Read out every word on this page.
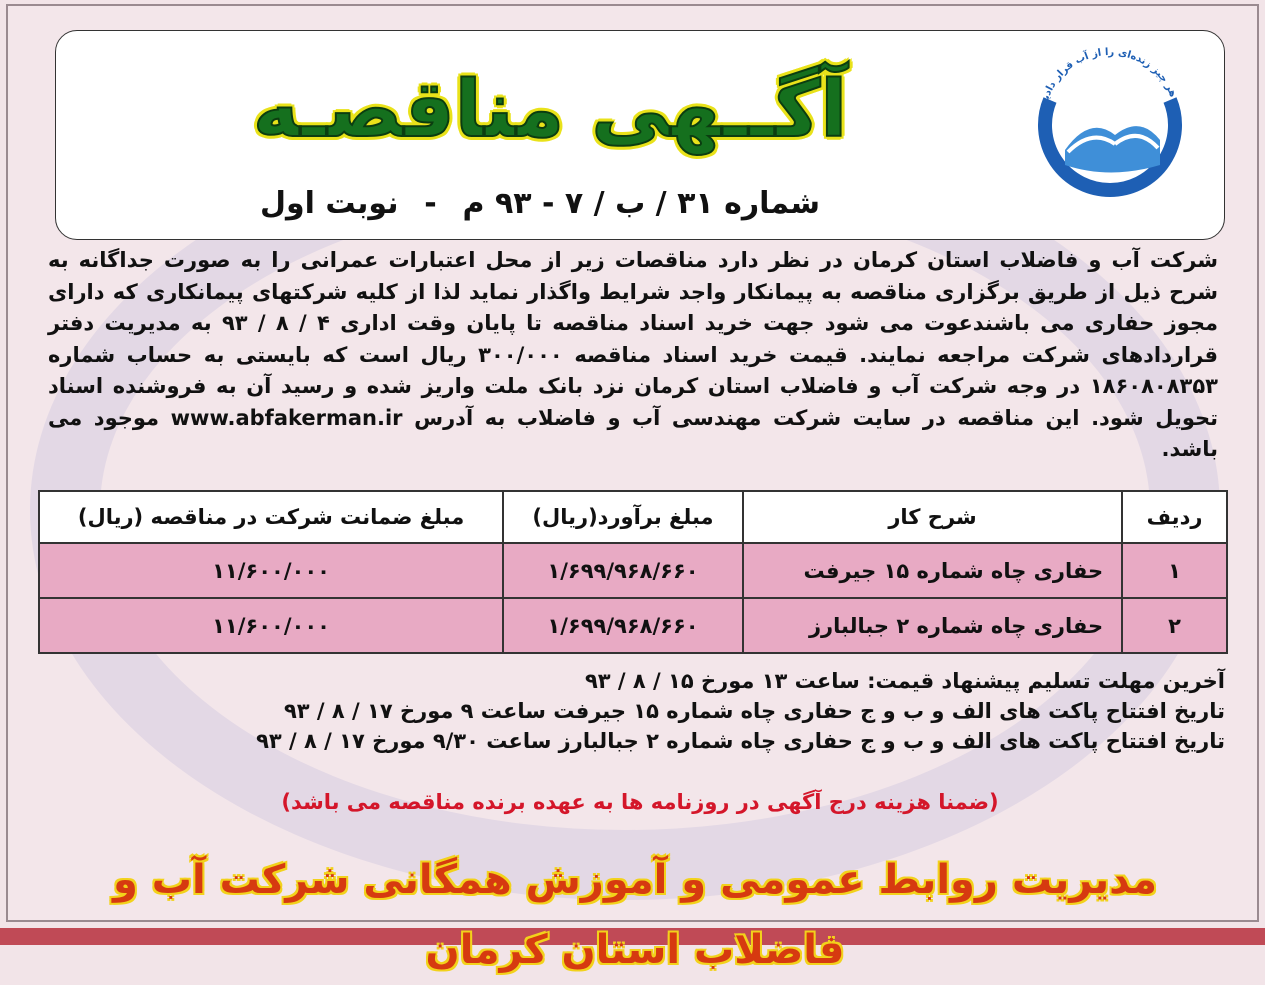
و هر چیز زنده‌ای را از آب قرار دادیم
آگــهی مناقصـه
شماره ۳۱ / ب / ۷ - ۹۳ م
-
نوبت اول

شرکت آب و فاضلاب استان کرمان در نظر دارد مناقصات زیر از محل اعتبارات عمرانی را به صورت جداگانه به شرح ذیل از طریق برگزاری مناقصه به پیمانکار واجد شرایط واگذار نماید لذا از کلیه شرکتهای پیمانکاری که دارای مجوز حفاری می باشندعوت می شود جهت خرید اسناد مناقصه تا پایان وقت اداری ۴ / ۸ / ۹۳ به مدیریت دفتر قراردادهای شرکت مراجعه نمایند. قیمت خرید اسناد مناقصه ۳۰۰/۰۰۰ ریال است که بایستی به حساب شماره ۱۸۶۰۸۰۸۳۵۳ در وجه شرکت آب و فاضلاب استان کرمان نزد بانک ملت واریز شده و رسید آن به فروشنده اسناد تحویل شود. این مناقصه در سایت شرکت مهندسی آب و فاضلاب به آدرس www.abfakerman.ir موجود می باشد.

ردیف	شرح کار	مبلغ برآورد(ریال)	مبلغ ضمانت شرکت در مناقصه (ریال)
۱	حفاری چاه شماره ۱۵ جیرفت	۱/۶۹۹/۹۶۸/۶۶۰	۱۱/۶۰۰/۰۰۰
۲	حفاری چاه شماره ۲ جبالبارز	۱/۶۹۹/۹۶۸/۶۶۰	۱۱/۶۰۰/۰۰۰
آخرین مهلت تسلیم پیشنهاد قیمت: ساعت ۱۳ مورخ ۱۵ / ۸ / ۹۳
تاریخ افتتاح پاکت های الف و ب و ج حفاری چاه شماره ۱۵ جیرفت ساعت ۹ مورخ ۱۷ / ۸ / ۹۳
تاریخ افتتاح پاکت های الف و ب و ج حفاری چاه شماره ۲ جبالبارز ساعت ۹/۳۰ مورخ ۱۷ / ۸ / ۹۳
(ضمنا هزینه درج آگهی در روزنامه ها به عهده برنده مناقصه می باشد)
مدیریت روابط عمومی و آموزش همگانی شرکت آب و فاضلاب استان کرمان
